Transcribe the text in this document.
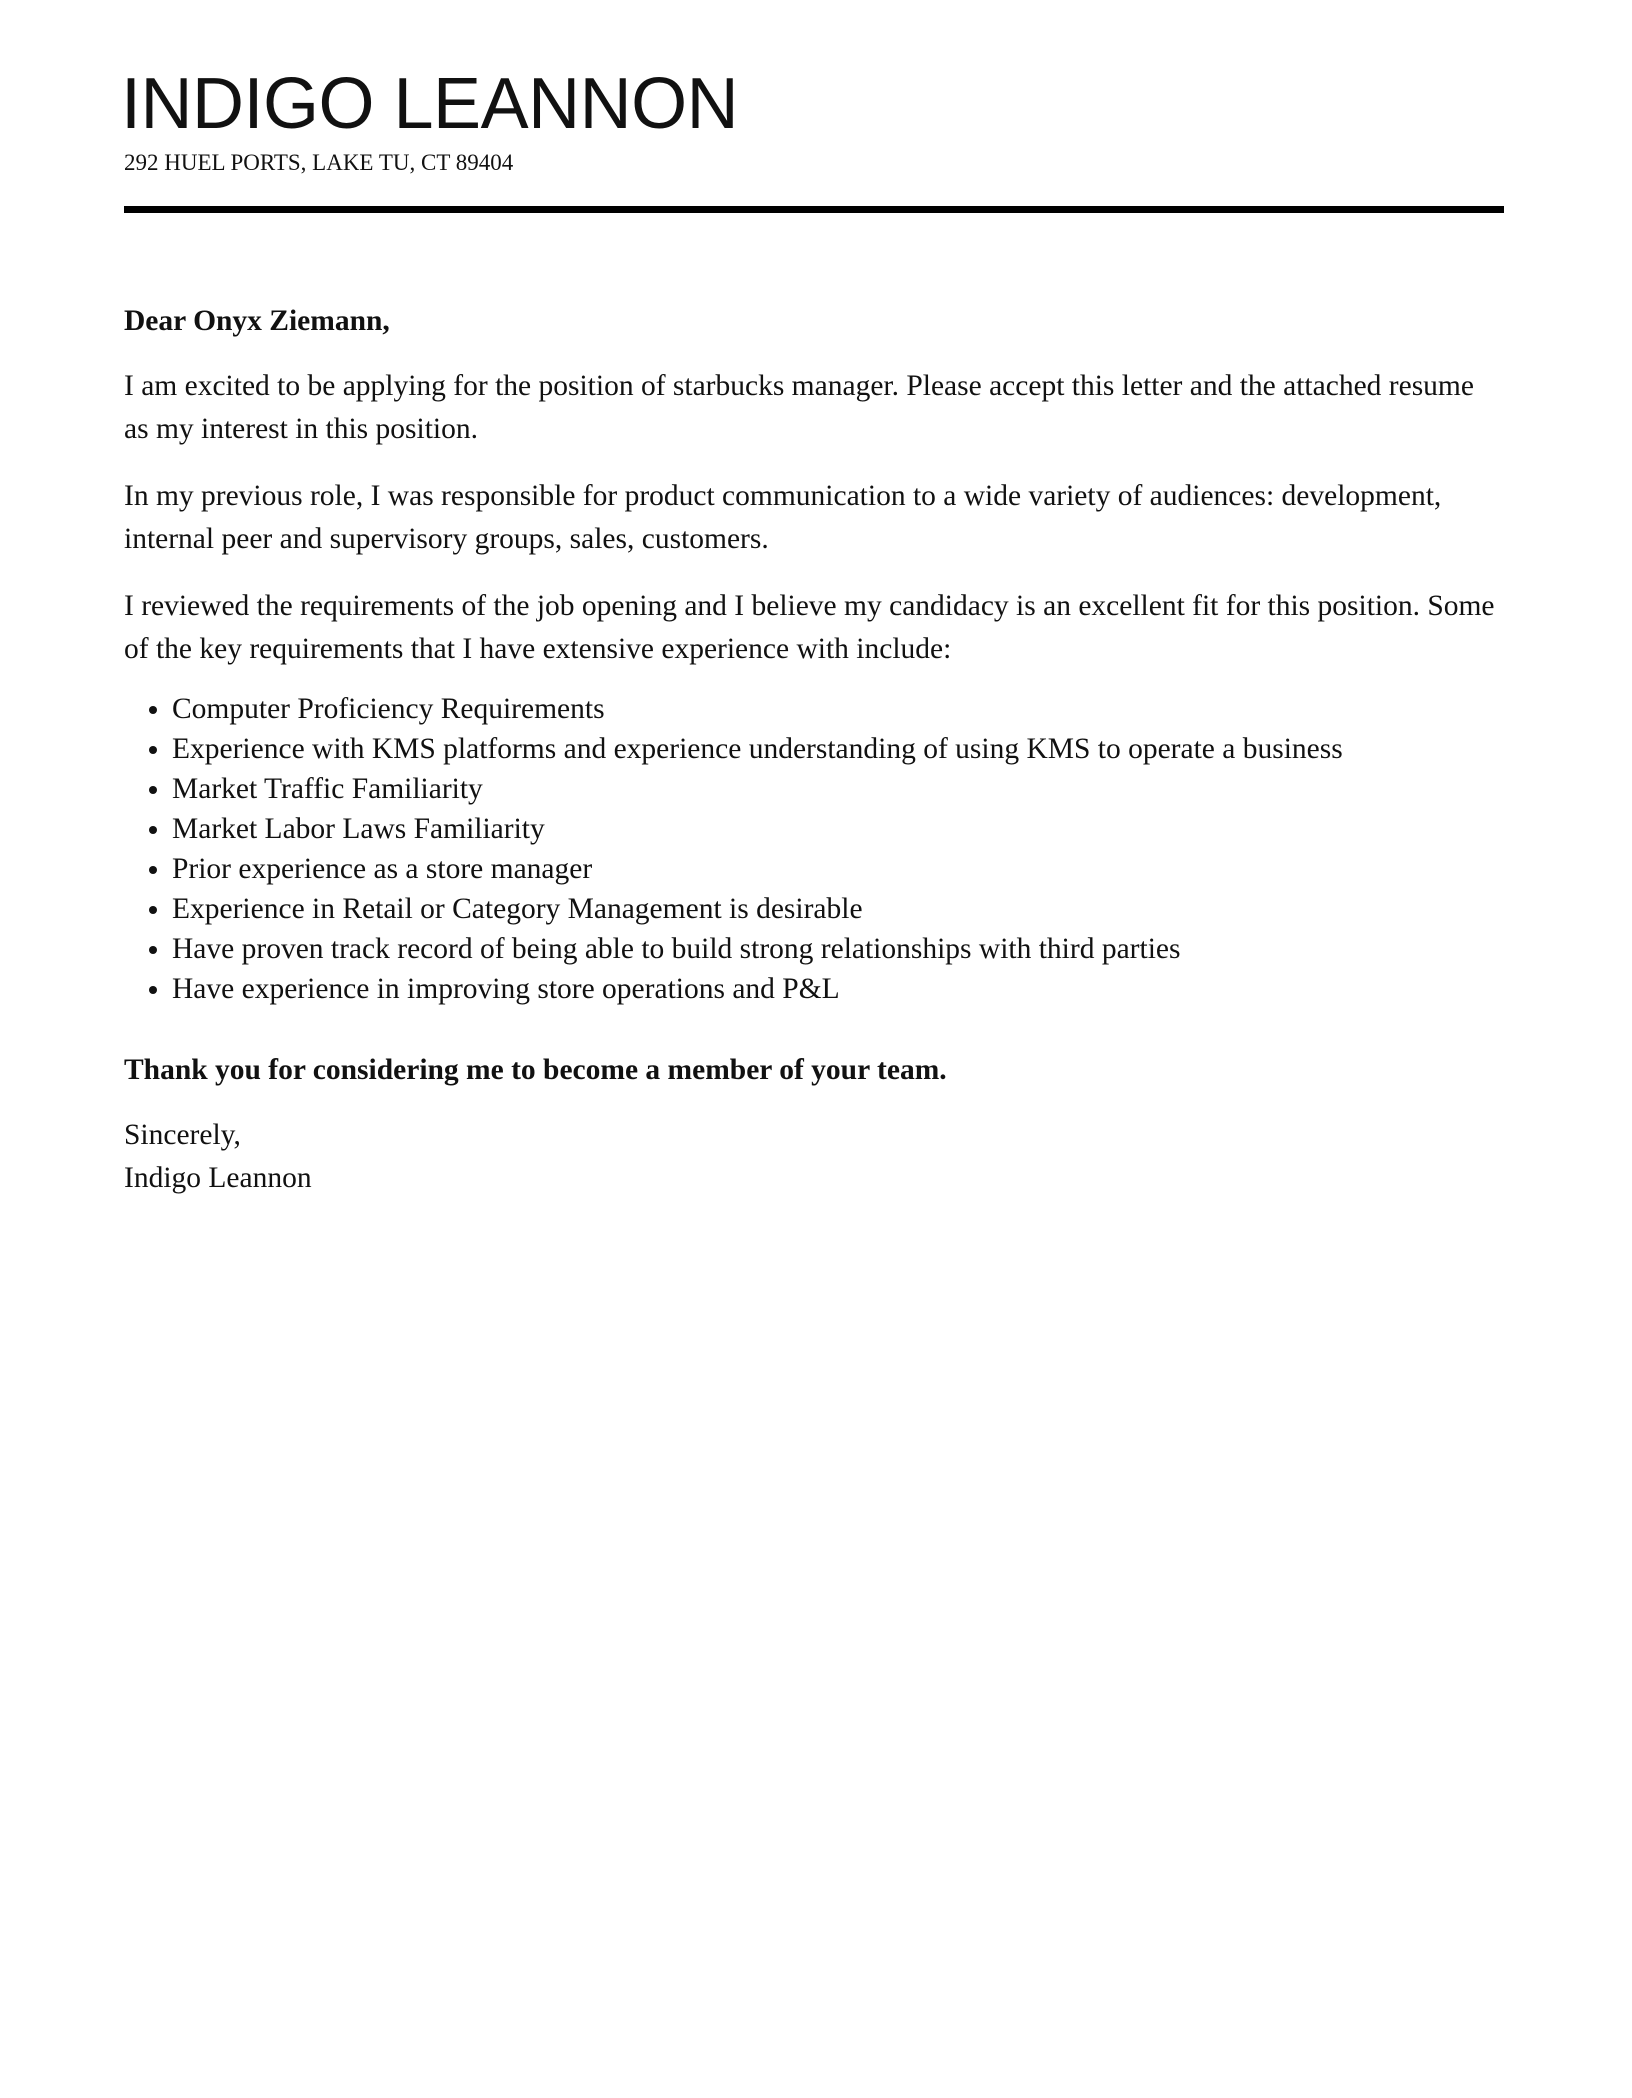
INDIGO LEANNON
292 HUEL PORTS, LAKE TU, CT 89404

Dear Onyx Ziemann,

I am excited to be applying for the position of starbucks manager. Please accept this letter and the attached resume as my interest in this position.

In my previous role, I was responsible for product communication to a wide variety of audiences: development, internal peer and supervisory groups, sales, customers.

I reviewed the requirements of the job opening and I believe my candidacy is an excellent fit for this position. Some of the key requirements that I have extensive experience with include:

• Computer Proficiency Requirements
• Experience with KMS platforms and experience understanding of using KMS to operate a business
• Market Traffic Familiarity
• Market Labor Laws Familiarity
• Prior experience as a store manager
• Experience in Retail or Category Management is desirable
• Have proven track record of being able to build strong relationships with third parties
• Have experience in improving store operations and P&L

Thank you for considering me to become a member of your team.

Sincerely,
Indigo Leannon
